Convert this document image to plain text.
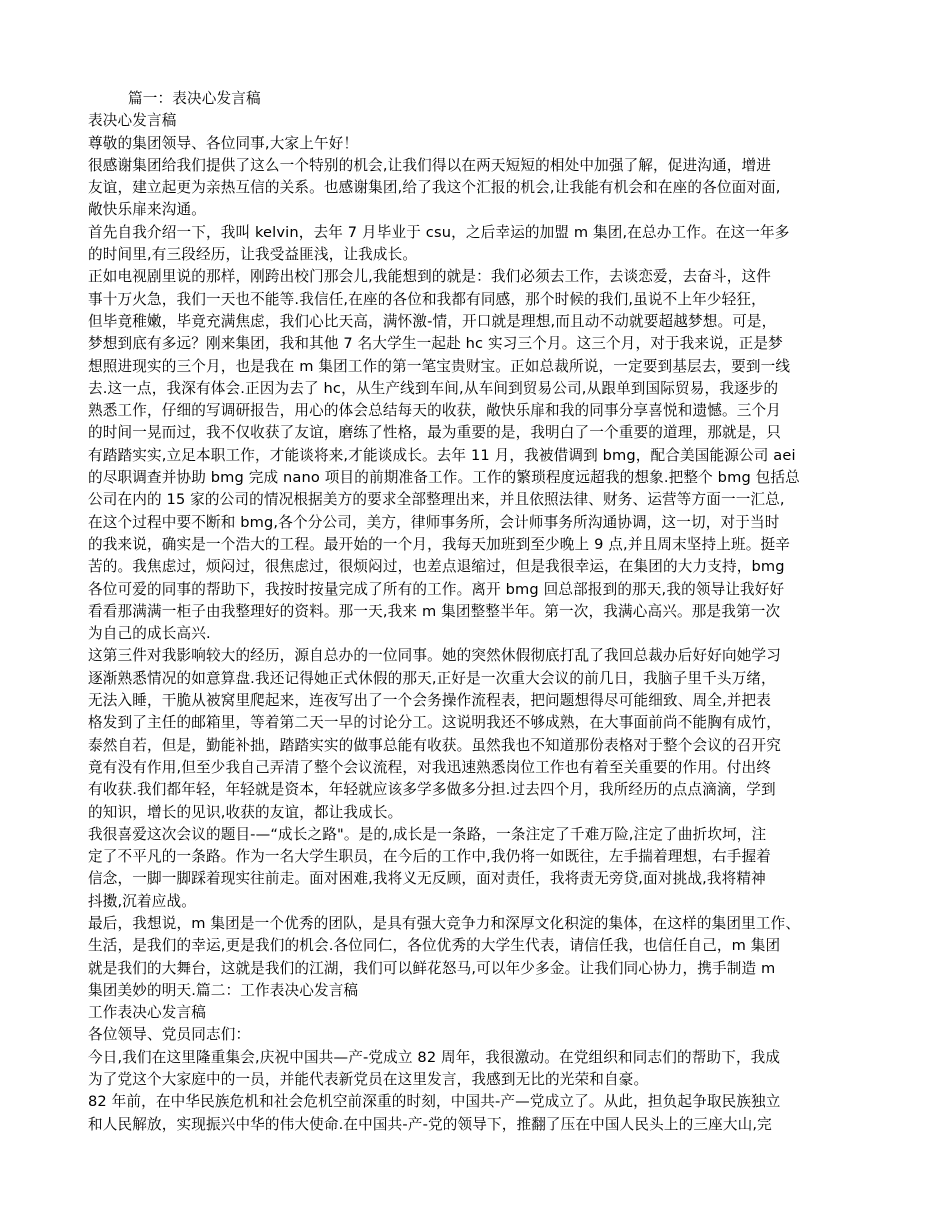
篇一：表决心发言稿
表决心发言稿
尊敬的集团领导、各位同事,大家上午好！
很感谢集团给我们提供了这么一个特别的机会,让我们得以在两天短短的相处中加强了解，促进沟通，增进
友谊，建立起更为亲热互信的关系。也感谢集团,给了我这个汇报的机会,让我能有机会和在座的各位面对面,
敞快乐扉来沟通。
首先自我介绍一下，我叫 kelvin，去年 7 月毕业于 csu，之后幸运的加盟 m 集团,在总办工作。在这一年多
的时间里,有三段经历，让我受益匪浅，让我成长。
正如电视剧里说的那样，刚跨出校门那会儿,我能想到的就是：我们必须去工作，去谈恋爱，去奋斗，这件
事十万火急，我们一天也不能等.我信任,在座的各位和我都有同感，那个时候的我们,虽说不上年少轻狂，
但毕竟稚嫩，毕竟充满焦虑，我们心比天高，满怀激-情，开口就是理想,而且动不动就要超越梦想。可是，
梦想到底有多远？刚来集团，我和其他 7 名大学生一起赴 hc 实习三个月。这三个月，对于我来说，正是梦
想照进现实的三个月，也是我在 m 集团工作的第一笔宝贵财宝。正如总裁所说，一定要到基层去，要到一线
去.这一点，我深有体会.正因为去了 hc，从生产线到车间,从车间到贸易公司,从跟单到国际贸易，我逐步的
熟悉工作，仔细的写调研报告，用心的体会总结每天的收获，敞快乐扉和我的同事分享喜悦和遗憾。三个月
的时间一晃而过，我不仅收获了友谊，磨练了性格，最为重要的是，我明白了一个重要的道理，那就是，只
有踏踏实实,立足本职工作，才能谈将来,才能谈成长。去年 11 月，我被借调到 bmg，配合美国能源公司 aei
的尽职调查并协助 bmg 完成 nano 项目的前期准备工作。工作的繁琐程度远超我的想象.把整个 bmg 包括总
公司在内的 15 家的公司的情况根据美方的要求全部整理出来，并且依照法律、财务、运营等方面一一汇总,
在这个过程中要不断和 bmg,各个分公司，美方，律师事务所，会计师事务所沟通协调，这一切，对于当时
的我来说，确实是一个浩大的工程。最开始的一个月，我每天加班到至少晚上 9 点,并且周末坚持上班。挺辛
苦的。我焦虑过，烦闷过，很焦虑过，很烦闷过，也差点退缩过，但是我很幸运，在集团的大力支持，bmg
各位可爱的同事的帮助下，我按时按量完成了所有的工作。离开 bmg 回总部报到的那天,我的领导让我好好
看看那满满一柜子由我整理好的资料。那一天,我来 m 集团整整半年。第一次，我满心高兴。那是我第一次
为自己的成长高兴.
这第三件对我影响较大的经历，源自总办的一位同事。她的突然休假彻底打乱了我回总裁办后好好向她学习
逐渐熟悉情况的如意算盘.我还记得她正式休假的那天,正好是一次重大会议的前几日，我脑子里千头万绪，
无法入睡，干脆从被窝里爬起来，连夜写出了一个会务操作流程表，把问题想得尽可能细致、周全,并把表
格发到了主任的邮箱里，等着第二天一早的讨论分工。这说明我还不够成熟，在大事面前尚不能胸有成竹，
泰然自若，但是，勤能补拙，踏踏实实的做事总能有收获。虽然我也不知道那份表格对于整个会议的召开究
竟有没有作用,但至少我自己弄清了整个会议流程，对我迅速熟悉岗位工作也有着至关重要的作用。付出终
有收获.我们都年轻，年轻就是资本，年轻就应该多学多做多分担.过去四个月，我所经历的点点滴滴，学到
的知识，增长的见识,收获的友谊，都让我成长。
我很喜爱这次会议的题目-—“成长之路"。是的,成长是一条路，一条注定了千难万险,注定了曲折坎坷，注
定了不平凡的一条路。作为一名大学生职员，在今后的工作中,我仍将一如既往，左手揣着理想，右手握着
信念，一脚一脚踩着现实往前走。面对困难,我将义无反顾，面对责任，我将责无旁贷,面对挑战,我将精神
抖擞,沉着应战。
最后，我想说，m 集团是一个优秀的团队，是具有强大竞争力和深厚文化积淀的集体，在这样的集团里工作、
生活，是我们的幸运,更是我们的机会.各位同仁，各位优秀的大学生代表，请信任我，也信任自己，m 集团
就是我们的大舞台，这就是我们的江湖，我们可以鲜花怒马,可以年少多金。让我们同心协力，携手制造 m
集团美妙的明天.篇二：工作表决心发言稿
工作表决心发言稿
各位领导、党员同志们：
今日,我们在这里隆重集会,庆祝中国共—产-党成立 82 周年，我很激动。在党组织和同志们的帮助下，我成
为了党这个大家庭中的一员，并能代表新党员在这里发言，我感到无比的光荣和自豪。
82 年前，在中华民族危机和社会危机空前深重的时刻，中国共-产—党成立了。从此，担负起争取民族独立
和人民解放，实现振兴中华的伟大使命.在中国共-产-党的领导下，推翻了压在中国人民头上的三座大山,完
